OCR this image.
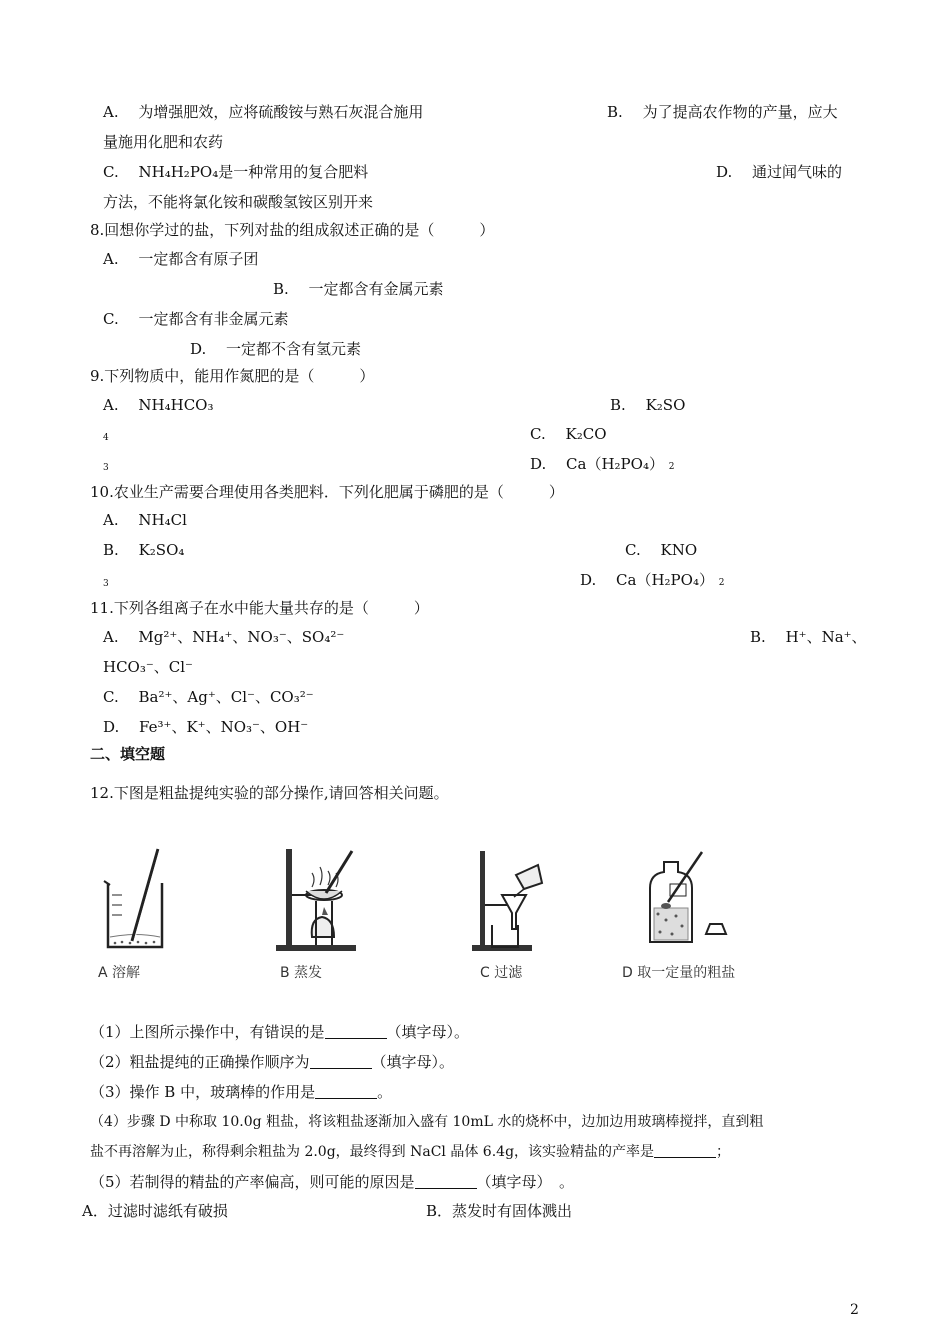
A.　 为增强肥效，应将硫酸铵与熟石灰混合施用	B.　 为了提高农作物的产量，应大
量施用化肥和农药
C.　 NH₄H₂PO₄是一种常用的复合肥料	D.　 通过闻气味的
方法，不能将氯化铵和碳酸氢铵区别开来
8.回想你学过的盐，下列对盐的组成叙述正确的是（　　　）
A.　 一定都含有原子团
B.　 一定都含有金属元素
C.　 一定都含有非金属元素
D.　 一定都不含有氢元素
9.下列物质中，能用作氮肥的是（　　　）
A.　 NH₄HCO₃	B.　 K₂SO
4	C.　 K₂CO
3	D.　 Ca（H₂PO₄） 2
10.农业生产需要合理使用各类肥料．下列化肥属于磷肥的是（　　　）
A.　 NH₄Cl
B.　 K₂SO₄	C.　 KNO
3	D.　 Ca（H₂PO₄） 2
11.下列各组离子在水中能大量共存的是（　　　）
A.　 Mg²⁺、NH₄⁺、NO₃⁻、SO₄²⁻	B.　 H⁺、Na⁺、
HCO₃⁻、Cl⁻
C.　 Ba²⁺、Ag⁺、Cl⁻、CO₃²⁻
D.　 Fe³⁺、K⁺、NO₃⁻、OH⁻
二、填空题
12.下图是粗盐提纯实验的部分操作,请回答相关问题。
A 溶解	B 蒸发	C 过滤	D 取一定量的粗盐
（1）上图所示操作中，有错误的是	（填字母）。
（2）粗盐提纯的正确操作顺序为	（填字母）。
（3）操作 B 中，玻璃棒的作用是	。
（4）步骤 D 中称取 10.0g 粗盐，将该粗盐逐渐加入盛有 10mL 水的烧杯中，边加边用玻璃棒搅拌，直到粗
盐不再溶解为止，称得剩余粗盐为 2.0g，最终得到 NaCl 晶体 6.4g，该实验精盐的产率是	；
（5）若制得的精盐的产率偏高，则可能的原因是	（填字母）　。
A．过滤时滤纸有破损	B．蒸发时有固体溅出
2
